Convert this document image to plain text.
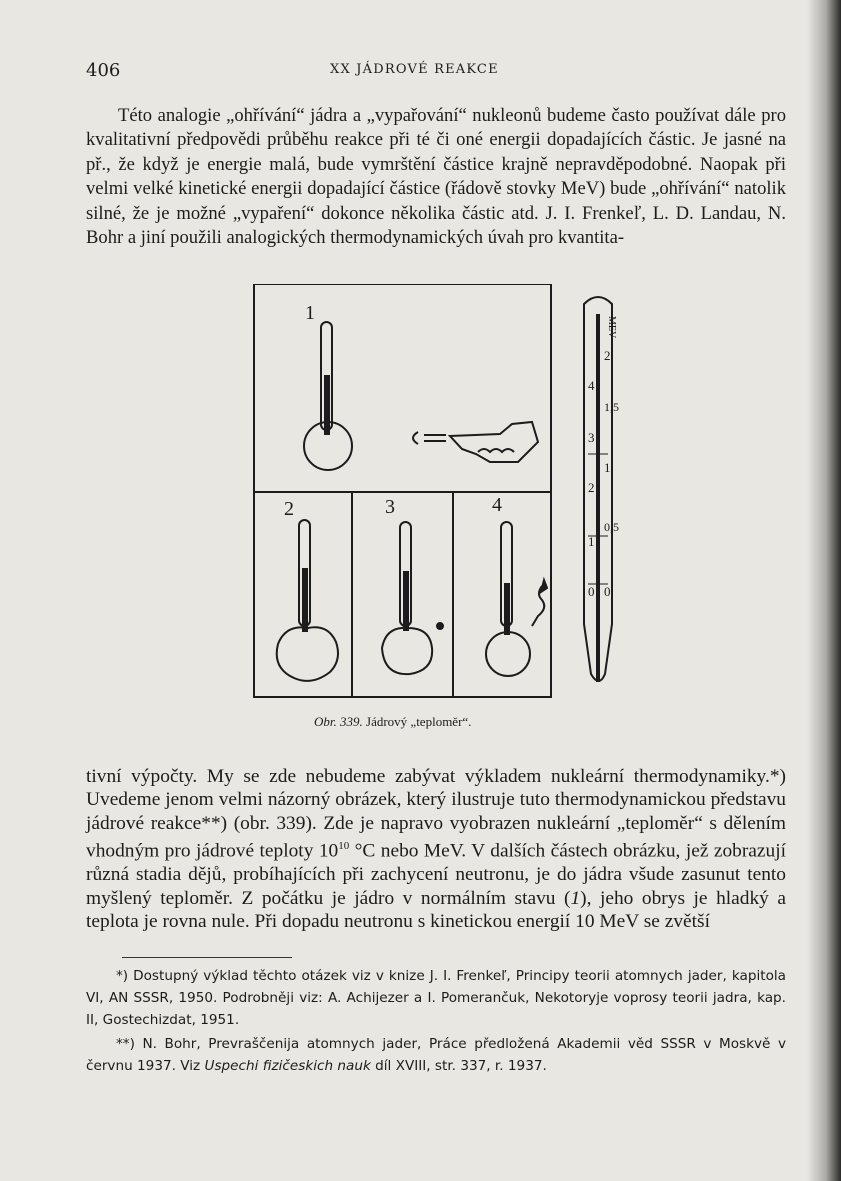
406	XX JÁDROVÉ REAKCE

Této analogie „ohřívání“ jádra a „vypařování“ nukleonů budeme často používat dále pro kvalitativní předpovědi průběhu reakce při té či oné energii dopadajících částic. Je jasné na př., že když je energie malá, bude vymrštění částice krajně nepravděpodobné. Naopak při velmi velké kinetické energii dopadající částice (řádově stovky MeV) bude „ohřívání“ natolik silné, že je možné „vypaření“ dokonce několika částic atd. J. I. Frenkeľ, L. D. Landau, N. Bohr a jiní použili analogických thermodynamických úvah pro kvantita-

1
2	3	4
MEV
4
3
2
1
0
2
1,5
1
0,5
0
Obr. 339. Jádrový „teploměr“.

tivní výpočty. My se zde nebudeme zabývat výkladem nukleární thermodynamiky.*) Uvedeme jenom velmi názorný obrázek, který ilustruje tuto thermodynamickou představu jádrové reakce**) (obr. 339). Zde je napravo vyobrazen nukleární „teploměr“ s dělením vhodným pro jádrové teploty $10^{10}$ °C nebo MeV. V dalších částech obrázku, jež zobrazují různá stadia dějů, probíhajících při zachycení neutronu, je do jádra všude zasunut tento myšlený teploměr. Z počátku je jádro v normálním stavu (1), jeho obrys je hladký a teplota je rovna nule. Při dopadu neutronu s kinetickou energií 10 MeV se zvětší

*) Dostupný výklad těchto otázek viz v knize J. I. Frenkeľ, Principy teorii atomnych jader, kapitola VI, AN SSSR, 1950. Podrobněji viz: A. Achijezer a I. Pomerančuk, Nekotoryje voprosy teorii jadra, kap. II, Gostechizdat, 1951.

**) N. Bohr, Prevraščenija atomnych jader, Práce předložená Akademii věd SSSR v Moskvě v červnu 1937. Viz Uspechi fizičeskich nauk díl XVIII, str. 337, r. 1937.
